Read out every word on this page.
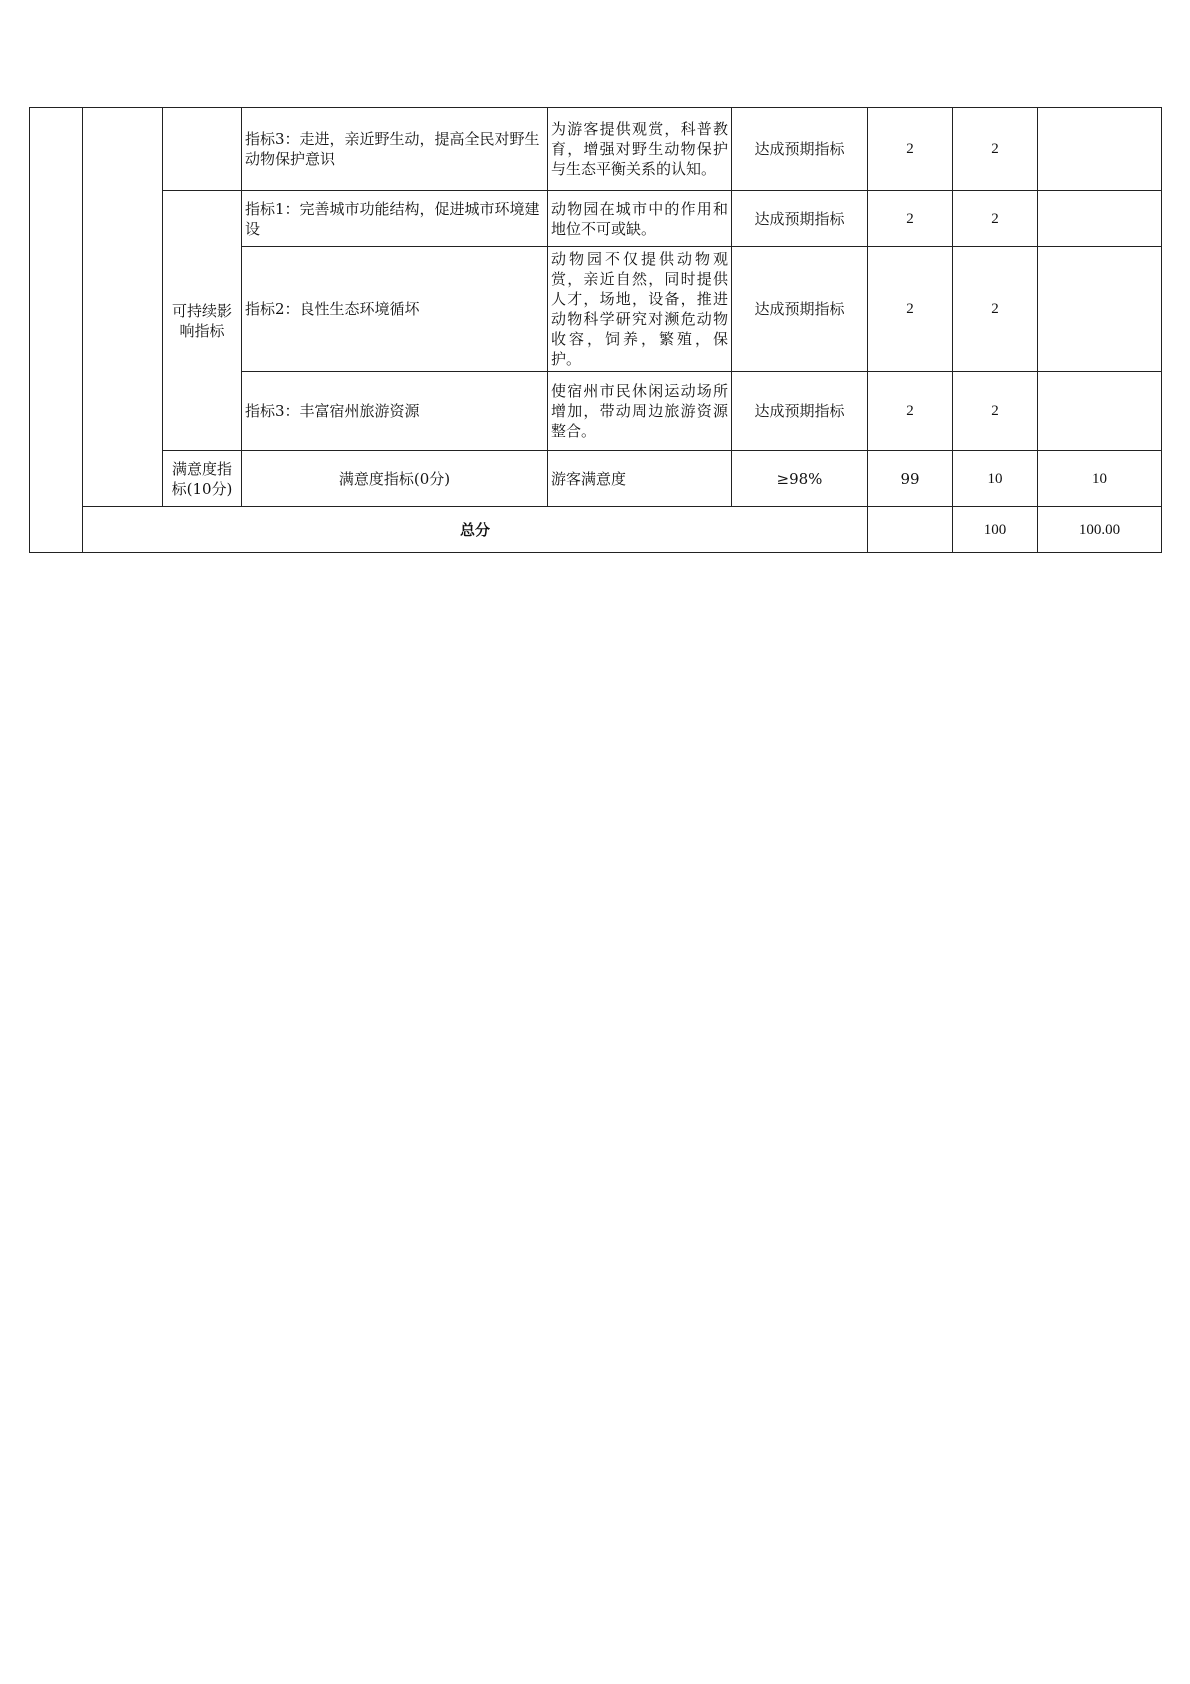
			指标3：走进，亲近野生动，提高全民对野生动物保护意识	为游客提供观赏，科普教育，增强对野生动物保护与生态平衡关系的认知。	达成预期指标	2	2		
		可持续影响指标	指标1：完善城市功能结构，促进城市环境建设	动物园在城市中的作用和地位不可或缺。	达成预期指标	2	2		
			指标2：良性生态环境循坏	动物园不仅提供动物观赏，亲近自然，同时提供人才，场地，设备，推进动物科学研究对濒危动物收容，饲养，繁殖，保护。	达成预期指标	2	2		
			指标3：丰富宿州旅游资源	使宿州市民休闲运动场所增加，带动周边旅游资源整合。	达成预期指标	2	2		
		满意度指标(10分)	满意度指标(0分)	游客满意度	≥98%	99	10	10	
	总分						100	100.00	
